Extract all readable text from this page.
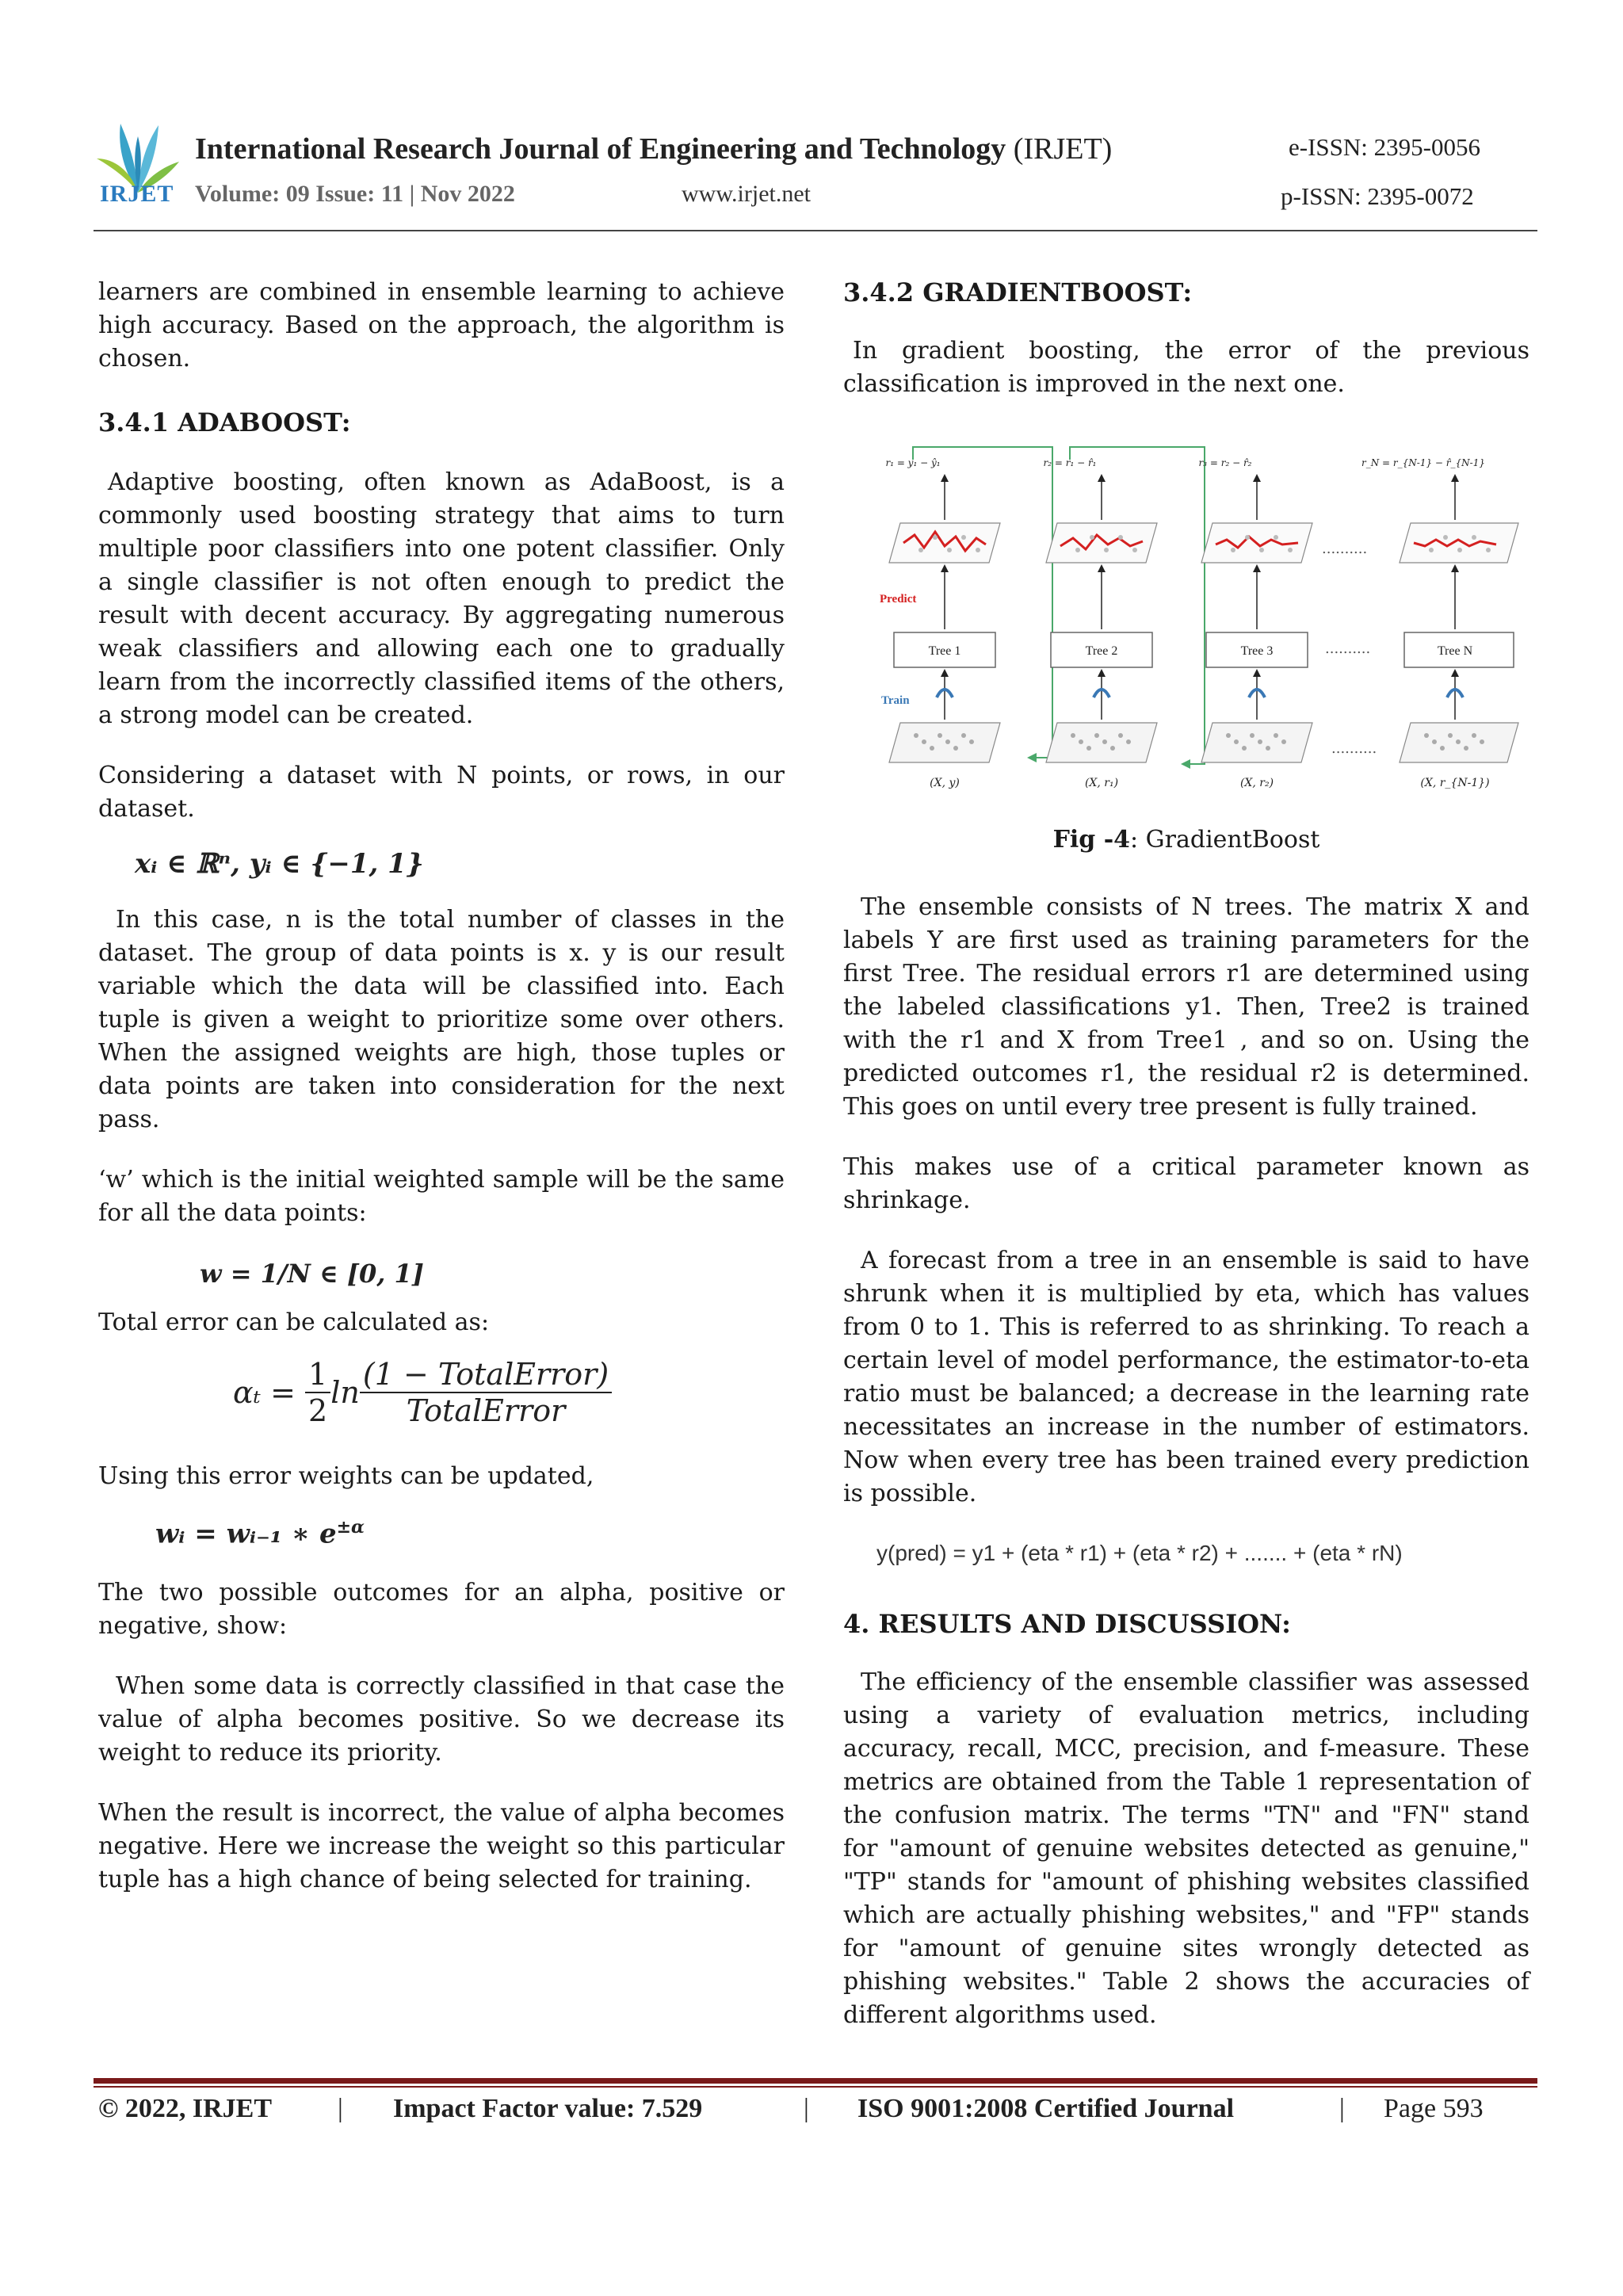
IRJET
International Research Journal of Engineering and Technology (IRJET)
Volume: 09 Issue: 11 | Nov 2022	www.irjet.net
e-ISSN: 2395-0056
p-ISSN: 2395-0072

learners are combined in ensemble learning to achieve high accuracy. Based on the approach, the algorithm is chosen.

3.4.1 ADABOOST:

Adaptive boosting, often known as AdaBoost, is a commonly used boosting strategy that aims to turn multiple poor classifiers into one potent classifier. Only a single classifier is not often enough to predict the result with decent accuracy. By aggregating numerous weak classifiers and allowing each one to gradually learn from the incorrectly classified items of the others, a strong model can be created.

Considering a dataset with N points, or rows, in our dataset.

xᵢ ∈ ℝⁿ, yᵢ ∈ {−1, 1}

In this case, n is the total number of classes in the dataset. The group of data points is x. y is our result variable which the data will be classified into. Each tuple is given a weight to prioritize some over others. When the assigned weights are high, those tuples or data points are taken into consideration for the next pass.

‘w’ which is the initial weighted sample will be the same for all the data points:

w = 1/N ∈ [0, 1]

Total error can be calculated as:

$\alpha_t = \frac{1}{2}$ $\ln \frac{\text{(1 − TotalError)}}{\text{TotalError}}$

Using this error weights can be updated,

wᵢ = wᵢ₋₁ ∗ $e^{\pm\alpha}$

The two possible outcomes for an alpha, positive or negative, show:

When some data is correctly classified in that case the value of alpha becomes positive. So we decrease its weight to reduce its priority.

When the result is incorrect, the value of alpha becomes negative. Here we increase the weight so this particular tuple has a high chance of being selected for training.

3.4.2 GRADIENTBOOST:

In gradient boosting, the error of the previous classification is improved in the next one.

r₁ = y₁ − ŷ₁
Tree 1
(X, y)
r₂ = r₁ − r̂₁
Tree 2
(X, r₁)
r₃ = r₂ − r̂₂
Tree 3
(X, r₂)
r_N = r_{N-1} − r̂_{N-1}
Tree N
(X, r_{N-1})
Predict
Train
..........
..........
..........
Fig -4: GradientBoost

The ensemble consists of N trees. The matrix X and labels Y are first used as training parameters for the first Tree. The residual errors r1 are determined using the labeled classifications y1. Then, Tree2 is trained with the r1 and X from Tree1 , and so on. Using the predicted outcomes r1, the residual r2 is determined. This goes on until every tree present is fully trained.

This makes use of a critical parameter known as shrinkage.

A forecast from a tree in an ensemble is said to have shrunk when it is multiplied by eta, which has values from 0 to 1. This is referred to as shrinking. To reach a certain level of model performance, the estimator-to-eta ratio must be balanced; a decrease in the learning rate necessitates an increase in the number of estimators. Now when every tree has been trained every prediction is possible.

y(pred) = y1 + (eta * r1) + (eta * r2) + ....... + (eta * rN)
4. RESULTS AND DISCUSSION:

The efficiency of the ensemble classifier was assessed using a variety of evaluation metrics, including accuracy, recall, MCC, precision, and f-measure. These metrics are obtained from the Table 1 representation of the confusion matrix. The terms "TN" and "FN" stand for "amount of genuine websites detected as genuine," "TP" stands for "amount of phishing websites classified which are actually phishing websites," and "FP" stands for "amount of genuine sites wrongly detected as phishing websites." Table 2 shows the accuracies of different algorithms used.

© 2022, IRJET | Impact Factor value: 7.529	| ISO 9001:2008 Certified Journal	| Page 593
